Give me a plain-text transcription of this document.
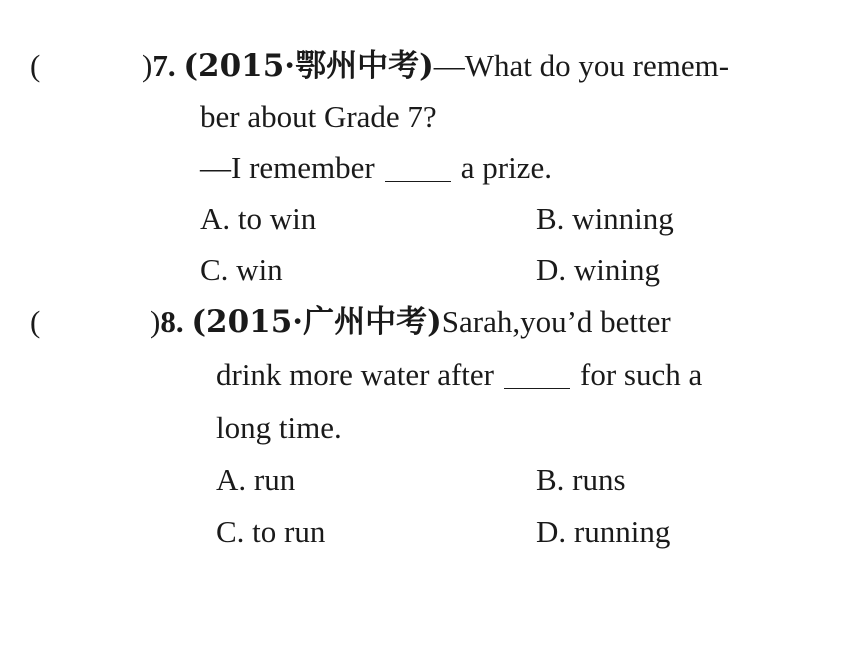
(	)7. (2015·鄂州中考)—What do you remem-
ber about Grade 7?
—I remember	a prize.
A. to win	B. winning
C. win	D. wining
(	)8. (2015·广州中考)Sarah,you’d better
drink more water after	for such a
long time.
A. run	B. runs
C. to run	D. running
